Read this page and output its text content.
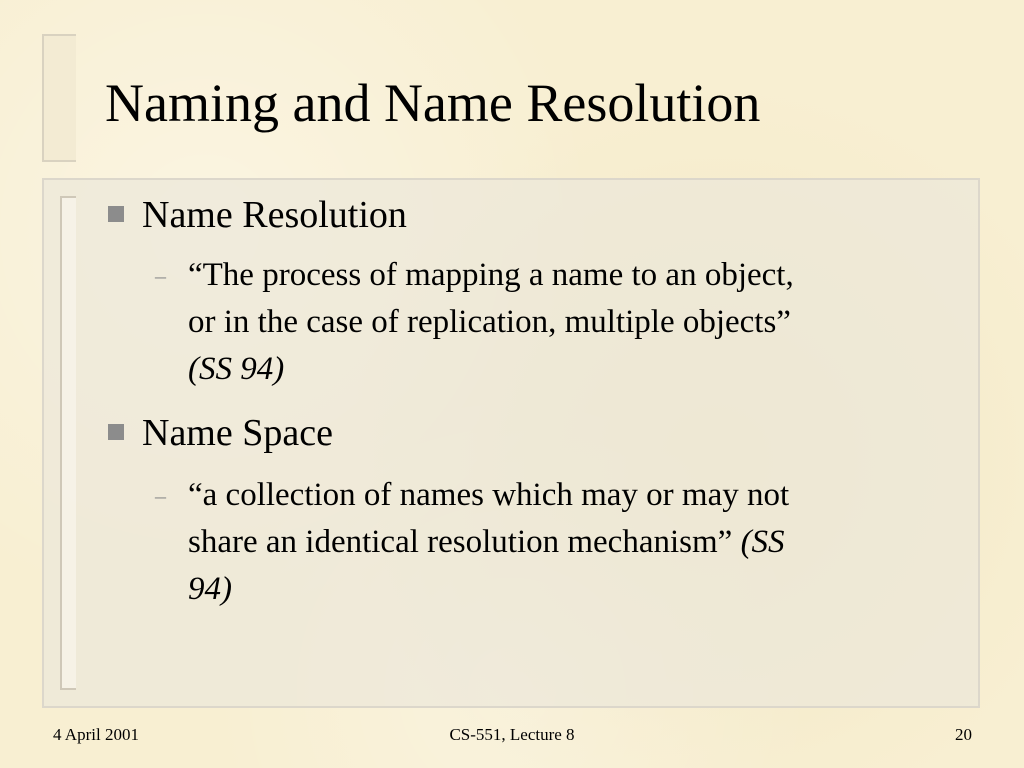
Naming and Name Resolution
Name Resolution
– “The process of mapping a name to an object,
or in the case of replication, multiple objects”
(SS 94)
Name Space
– “a collection of names which may or may not
share an identical resolution mechanism” (SS
94)
4 April 2001	CS-551, Lecture 8	20
